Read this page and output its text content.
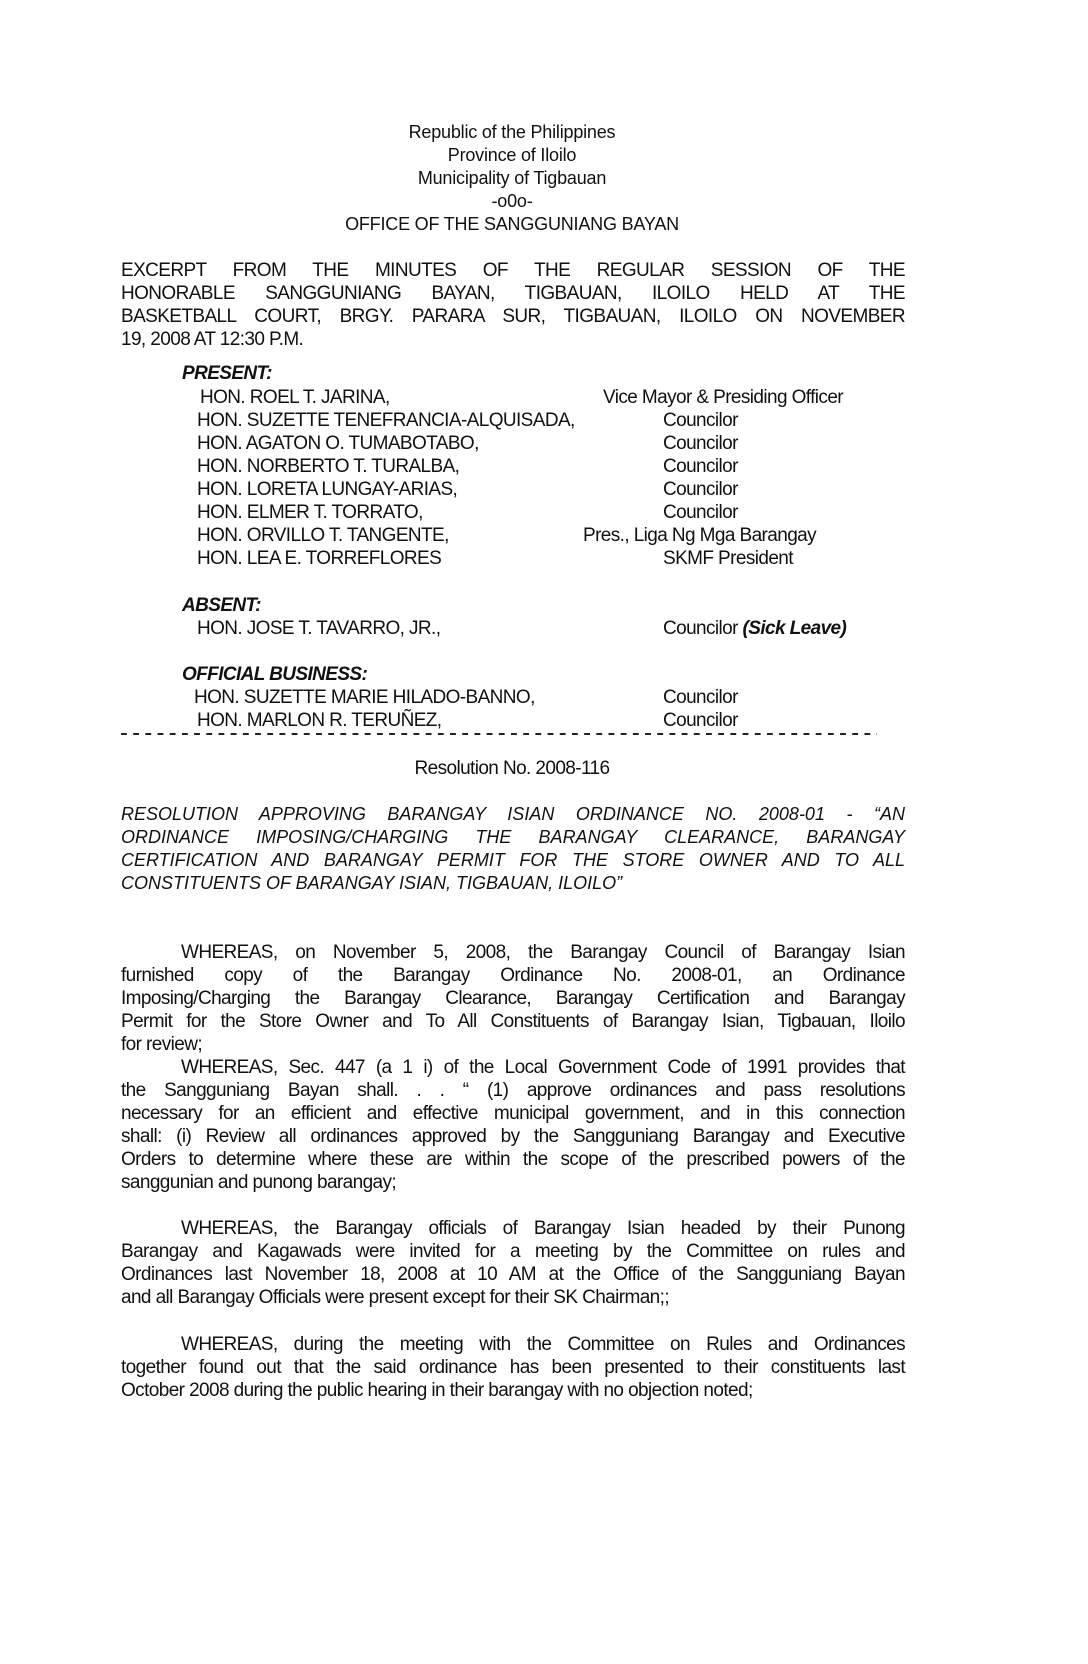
Republic of the Philippines
Province of Iloilo
Municipality of Tigbauan
-o0o-
OFFICE OF THE SANGGUNIANG BAYAN
EXCERPT FROM THE MINUTES OF THE REGULAR SESSION OF THE
HONORABLE SANGGUNIANG BAYAN, TIGBAUAN, ILOILO HELD AT THE
BASKETBALL COURT, BRGY. PARARA SUR, TIGBAUAN, ILOILO ON NOVEMBER
19, 2008 AT 12:30 P.M.
PRESENT:
HON. ROEL T. JARINA,	Vice Mayor & Presiding Officer
HON. SUZETTE TENEFRANCIA-ALQUISADA,	Councilor
HON. AGATON O. TUMABOTABO,	Councilor
HON. NORBERTO T. TURALBA,	Councilor
HON. LORETA LUNGAY-ARIAS,	Councilor
HON. ELMER T. TORRATO,	Councilor
HON. ORVILLO T. TANGENTE,	Pres., Liga Ng Mga Barangay
HON. LEA E. TORREFLORES	SKMF President
ABSENT:
HON. JOSE T. TAVARRO, JR.,	Councilor (Sick Leave)
OFFICIAL BUSINESS:
HON. SUZETTE MARIE HILADO-BANNO,	Councilor
HON. MARLON R. TERUÑEZ,	Councilor
Resolution No. 2008-116
RESOLUTION APPROVING BARANGAY ISIAN ORDINANCE NO. 2008-01 - “AN
ORDINANCE IMPOSING/CHARGING THE BARANGAY CLEARANCE, BARANGAY
CERTIFICATION AND BARANGAY PERMIT FOR THE STORE OWNER AND TO ALL
CONSTITUENTS OF BARANGAY ISIAN, TIGBAUAN, ILOILO”
WHEREAS, on November 5, 2008, the Barangay Council of Barangay Isian
furnished copy of the Barangay Ordinance No. 2008-01, an Ordinance
Imposing/Charging the Barangay Clearance, Barangay Certification and Barangay
Permit for the Store Owner and To All Constituents of Barangay Isian, Tigbauan, Iloilo
for review;
WHEREAS, Sec. 447 (a 1 i) of the Local Government Code of 1991 provides that
the Sangguniang Bayan shall. . . “ (1) approve ordinances and pass resolutions
necessary for an efficient and effective municipal government, and in this connection
shall: (i) Review all ordinances approved by the Sangguniang Barangay and Executive
Orders to determine where these are within the scope of the prescribed powers of the
sanggunian and punong barangay;
WHEREAS, the Barangay officials of Barangay Isian headed by their Punong
Barangay and Kagawads were invited for a meeting by the Committee on rules and
Ordinances last November 18, 2008 at 10 AM at the Office of the Sangguniang Bayan
and all Barangay Officials were present except for their SK Chairman;;
WHEREAS, during the meeting with the Committee on Rules and Ordinances
together found out that the said ordinance has been presented to their constituents last
October 2008 during the public hearing in their barangay with no objection noted;
